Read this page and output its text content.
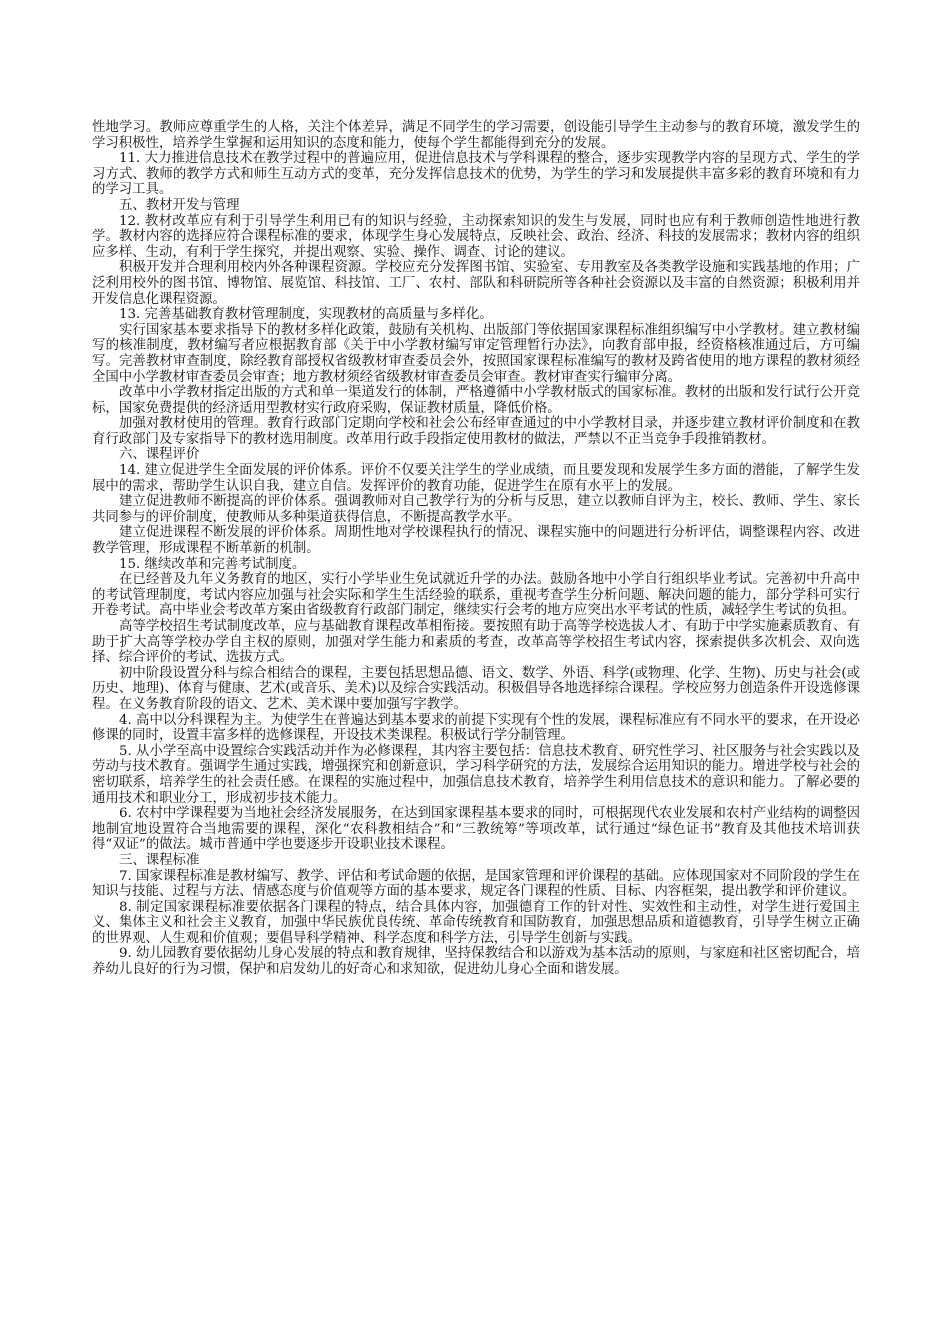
性地学习。教师应尊重学生的人格，关注个体差异，满足不同学生的学习需要，创设能引导学生主动参与的教育环境，激发学生的学习积极性，培养学生掌握和运用知识的态度和能力，使每个学生都能得到充分的发展。

11. 大力推进信息技术在教学过程中的普遍应用，促进信息技术与学科课程的整合，逐步实现教学内容的呈现方式、学生的学习方式、教师的教学方式和师生互动方式的变革，充分发挥信息技术的优势，为学生的学习和发展提供丰富多彩的教育环境和有力的学习工具。

五、教材开发与管理

12. 教材改革应有利于引导学生利用已有的知识与经验，主动探索知识的发生与发展，同时也应有利于教师创造性地进行教学。教材内容的选择应符合课程标准的要求，体现学生身心发展特点，反映社会、政治、经济、科技的发展需求；教材内容的组织应多样、生动，有利于学生探究，并提出观察、实验、操作、调查、讨论的建议。

积极开发并合理利用校内外各种课程资源。学校应充分发挥图书馆、实验室、专用教室及各类教学设施和实践基地的作用；广泛利用校外的图书馆、博物馆、展览馆、科技馆、工厂、农村、部队和科研院所等各种社会资源以及丰富的自然资源；积极利用并开发信息化课程资源。

13. 完善基础教育教材管理制度，实现教材的高质量与多样化。

实行国家基本要求指导下的教材多样化政策，鼓励有关机构、出版部门等依据国家课程标准组织编写中小学教材。建立教材编写的核准制度，教材编写者应根据教育部《关于中小学教材编写审定管理暂行办法》，向教育部申报，经资格核准通过后，方可编写。完善教材审查制度，除经教育部授权省级教材审查委员会外，按照国家课程标准编写的教材及跨省使用的地方课程的教材须经全国中小学教材审查委员会审查；地方教材须经省级教材审查委员会审查。教材审查实行编审分离。

改革中小学教材指定出版的方式和单一渠道发行的体制，严格遵循中小学教材版式的国家标准。教材的出版和发行试行公开竞标，国家免费提供的经济适用型教材实行政府采购，保证教材质量，降低价格。

加强对教材使用的管理。教育行政部门定期向学校和社会公布经审查通过的中小学教材目录，并逐步建立教材评价制度和在教育行政部门及专家指导下的教材选用制度。改革用行政手段指定使用教材的做法，严禁以不正当竞争手段推销教材。

六、课程评价

14. 建立促进学生全面发展的评价体系。评价不仅要关注学生的学业成绩，而且要发现和发展学生多方面的潜能，了解学生发展中的需求，帮助学生认识自我，建立自信。发挥评价的教育功能，促进学生在原有水平上的发展。

建立促进教师不断提高的评价体系。强调教师对自己教学行为的分析与反思，建立以教师自评为主，校长、教师、学生、家长共同参与的评价制度，使教师从多种渠道获得信息，不断提高教学水平。

建立促进课程不断发展的评价体系。周期性地对学校课程执行的情况、课程实施中的问题进行分析评估，调整课程内容、改进教学管理，形成课程不断革新的机制。

15. 继续改革和完善考试制度。

在已经普及九年义务教育的地区，实行小学毕业生免试就近升学的办法。鼓励各地中小学自行组织毕业考试。完善初中升高中的考试管理制度，考试内容应加强与社会实际和学生生活经验的联系，重视考查学生分析问题、解决问题的能力，部分学科可实行开卷考试。高中毕业会考改革方案由省级教育行政部门制定，继续实行会考的地方应突出水平考试的性质，减轻学生考试的负担。

高等学校招生考试制度改革，应与基础教育课程改革相衔接。要按照有助于高等学校选拔人才、有助于中学实施素质教育、有助于扩大高等学校办学自主权的原则，加强对学生能力和素质的考查，改革高等学校招生考试内容，探索提供多次机会、双向选择、综合评价的考试、选拔方式。

初中阶段设置分科与综合相结合的课程，主要包括思想品德、语文、数学、外语、科学(或物理、化学、生物)、历史与社会(或历史、地理)、体育与健康、艺术(或音乐、美术)以及综合实践活动。积极倡导各地选择综合课程。学校应努力创造条件开设选修课程。在义务教育阶段的语文、艺术、美术课中要加强写字教学。

4. 高中以分科课程为主。为使学生在普遍达到基本要求的前提下实现有个性的发展，课程标准应有不同水平的要求，在开设必修课的同时，设置丰富多样的选修课程，开设技术类课程。积极试行学分制管理。

5. 从小学至高中设置综合实践活动并作为必修课程，其内容主要包括：信息技术教育、研究性学习、社区服务与社会实践以及劳动与技术教育。强调学生通过实践，增强探究和创新意识，学习科学研究的方法，发展综合运用知识的能力。增进学校与社会的密切联系，培养学生的社会责任感。在课程的实施过程中，加强信息技术教育，培养学生利用信息技术的意识和能力。了解必要的通用技术和职业分工，形成初步技术能力。

6. 农村中学课程要为当地社会经济发展服务，在达到国家课程基本要求的同时，可根据现代农业发展和农村产业结构的调整因地制宜地设置符合当地需要的课程，深化“农科教相结合”和“三教统筹”等项改革，试行通过“绿色证书”教育及其他技术培训获得“双证”的做法。城市普通中学也要逐步开设职业技术课程。

三、课程标准

7. 国家课程标准是教材编写、教学、评估和考试命题的依据，是国家管理和评价课程的基础。应体现国家对不同阶段的学生在知识与技能、过程与方法、情感态度与价值观等方面的基本要求，规定各门课程的性质、目标、内容框架，提出教学和评价建议。

8. 制定国家课程标准要依据各门课程的特点，结合具体内容，加强德育工作的针对性、实效性和主动性，对学生进行爱国主义、集体主义和社会主义教育，加强中华民族优良传统、革命传统教育和国防教育，加强思想品质和道德教育，引导学生树立正确的世界观、人生观和价值观；要倡导科学精神、科学态度和科学方法，引导学生创新与实践。

9. 幼儿园教育要依据幼儿身心发展的特点和教育规律，坚持保教结合和以游戏为基本活动的原则，与家庭和社区密切配合，培养幼儿良好的行为习惯，保护和启发幼儿的好奇心和求知欲，促进幼儿身心全面和谐发展。
